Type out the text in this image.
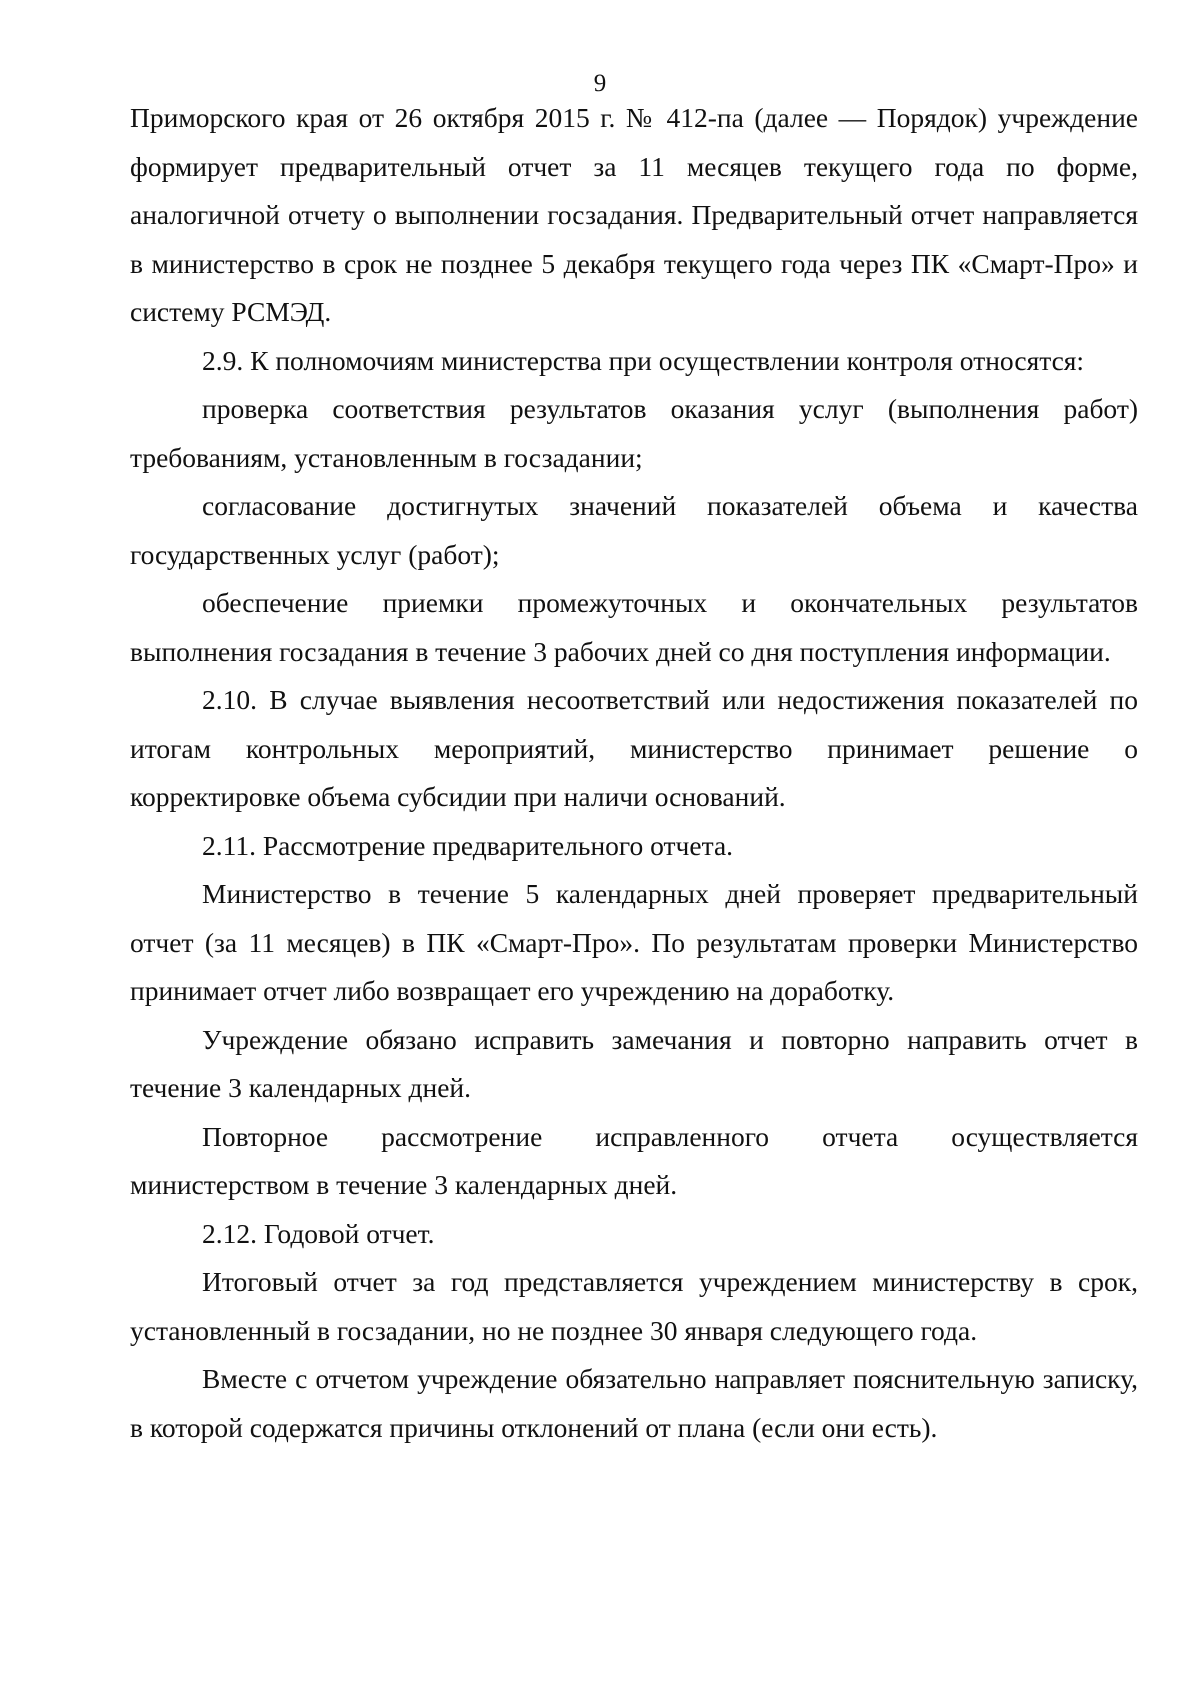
9

Приморского края от 26 октября 2015 г. № 412-па (далее — Порядок) учреждение формирует предварительный отчет за 11 месяцев текущего года по форме, аналогичной отчету о выполнении госзадания. Предварительный отчет направляется в министерство в срок не позднее 5 декабря текущего года через ПК «Смарт-Про» и систему РСМЭД.

2.9. К полномочиям министерства при осуществлении контроля относятся:

проверка соответствия результатов оказания услуг (выполнения работ) требованиям, установленным в госзадании;

согласование достигнутых значений показателей объема и качества государственных услуг (работ);

обеспечение приемки промежуточных и окончательных результатов выполнения госзадания в течение 3 рабочих дней со дня поступления информации.

2.10. В случае выявления несоответствий или недостижения показателей по итогам контрольных мероприятий, министерство принимает решение о корректировке объема субсидии при наличи оснований.

2.11. Рассмотрение предварительного отчета.

Министерство в течение 5 календарных дней проверяет предварительный отчет (за 11 месяцев) в ПК «Смарт-Про». По результатам проверки Министерство принимает отчет либо возвращает его учреждению на доработку.

Учреждение обязано исправить замечания и повторно направить отчет в течение 3 календарных дней.

Повторное рассмотрение исправленного отчета осуществляется министерством в течение 3 календарных дней.

2.12. Годовой отчет.

Итоговый отчет за год представляется учреждением министерству в срок, установленный в госзадании, но не позднее 30 января следующего года.

Вместе с отчетом учреждение обязательно направляет пояснительную записку, в которой содержатся причины отклонений от плана (если они есть).
